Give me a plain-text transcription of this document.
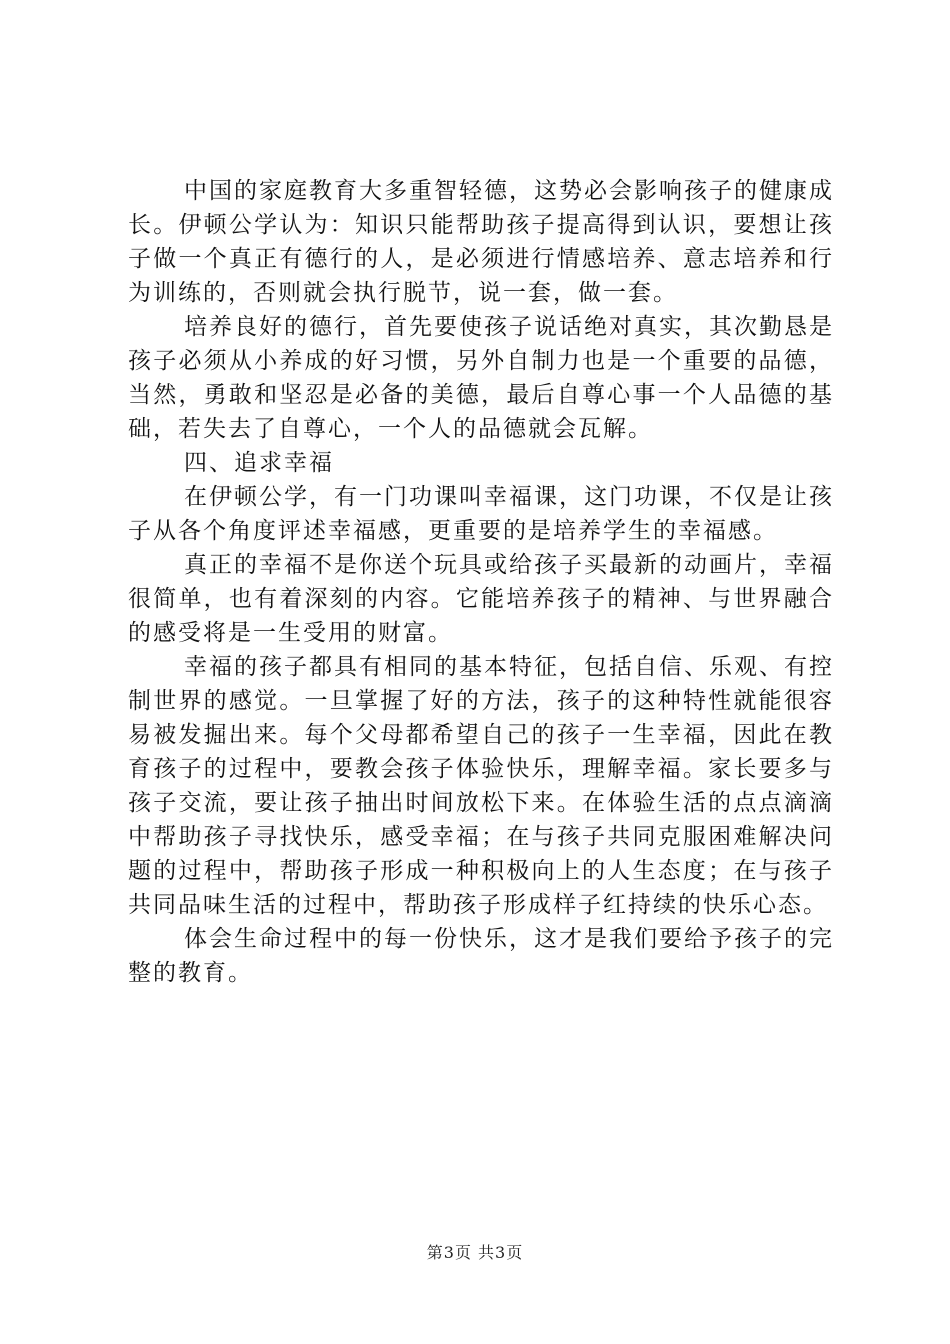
中国的家庭教育大多重智轻德，这势必会影响孩子的健康成长。伊顿公学认为：知识只能帮助孩子提高得到认识，要想让孩子做一个真正有德行的人，是必须进行情感培养、意志培养和行为训练的，否则就会执行脱节，说一套，做一套。

培养良好的德行，首先要使孩子说话绝对真实，其次勤恳是孩子必须从小养成的好习惯，另外自制力也是一个重要的品德，当然，勇敢和坚忍是必备的美德，最后自尊心事一个人品德的基础，若失去了自尊心，一个人的品德就会瓦解。

四、追求幸福

在伊顿公学，有一门功课叫幸福课，这门功课，不仅是让孩子从各个角度评述幸福感，更重要的是培养学生的幸福感。

真正的幸福不是你送个玩具或给孩子买最新的动画片，幸福很简单，也有着深刻的内容。它能培养孩子的精神、与世界融合的感受将是一生受用的财富。

幸福的孩子都具有相同的基本特征，包括自信、乐观、有控制世界的感觉。一旦掌握了好的方法，孩子的这种特性就能很容易被发掘出来。每个父母都希望自己的孩子一生幸福，因此在教育孩子的过程中，要教会孩子体验快乐，理解幸福。家长要多与孩子交流，要让孩子抽出时间放松下来。在体验生活的点点滴滴中帮助孩子寻找快乐，感受幸福；在与孩子共同克服困难解决问题的过程中，帮助孩子形成一种积极向上的人生态度；在与孩子共同品味生活的过程中，帮助孩子形成样子红持续的快乐心态。

体会生命过程中的每一份快乐，这才是我们要给予孩子的完整的教育。

第3页 共3页
